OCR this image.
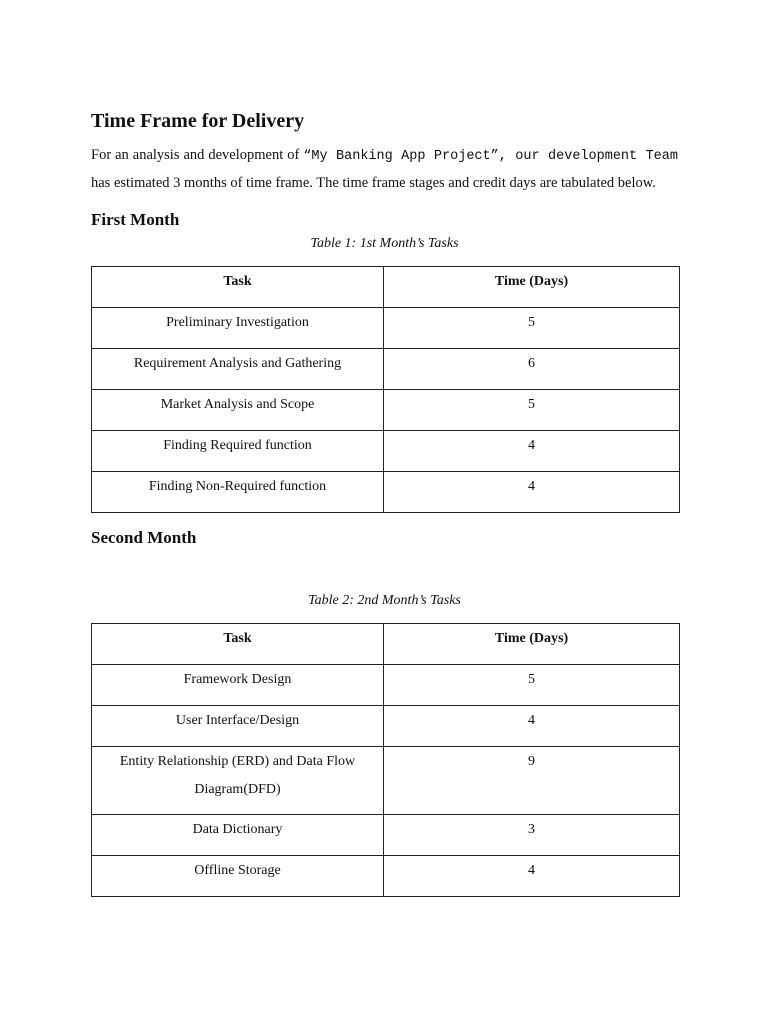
Time Frame for Delivery

For an analysis and development of “My Banking App Project”, our development Team has estimated 3 months of time frame. The time frame stages and credit days are tabulated below.

First Month
Table 1: 1st Month’s Tasks
Task	Time (Days)
Preliminary Investigation	5
Requirement Analysis and Gathering	6
Market Analysis and Scope	5
Finding Required function	4
Finding Non-Required function	4
Second Month
Table 2: 2nd Month’s Tasks
Task	Time (Days)
Framework Design	5
User Interface/Design	4
Entity Relationship (ERD) and Data Flow Diagram(DFD)	9
Data Dictionary	3
Offline Storage	4
